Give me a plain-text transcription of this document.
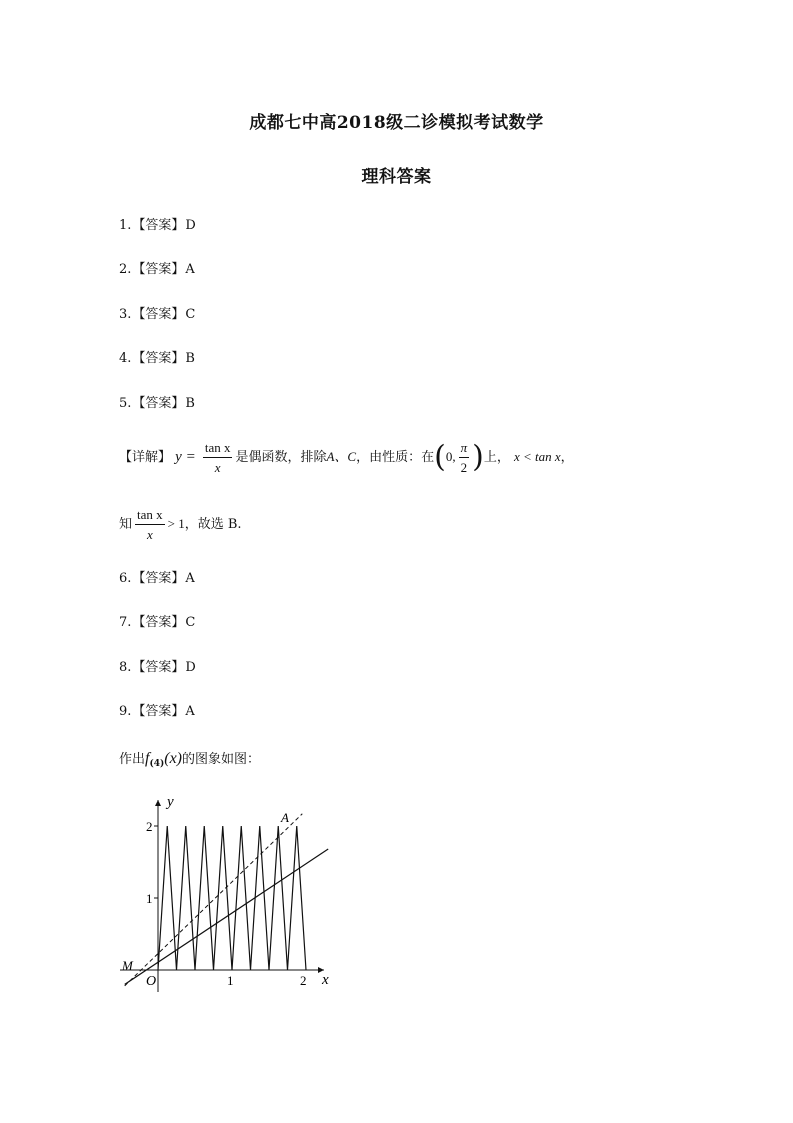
成都七中高2018级二诊模拟考试数学
理科答案
1.【答案】D
2.【答案】A
3.【答案】C
4.【答案】B
5.【答案】B
【详解】 $y = \frac{\text{tan x}}{x}$ 是偶函数，排除A、C，由性质：在(0, $\frac{\pi}{2}$ )上， x < tan x，
知 $\frac{\text{tan x}}{x} > 1$，故选 B.
6.【答案】A
7.【答案】C
8.【答案】D
9.【答案】A
作出$f_{(4)}(x)$的图象如图：
y
x
O
A
M
2
1
1	2
